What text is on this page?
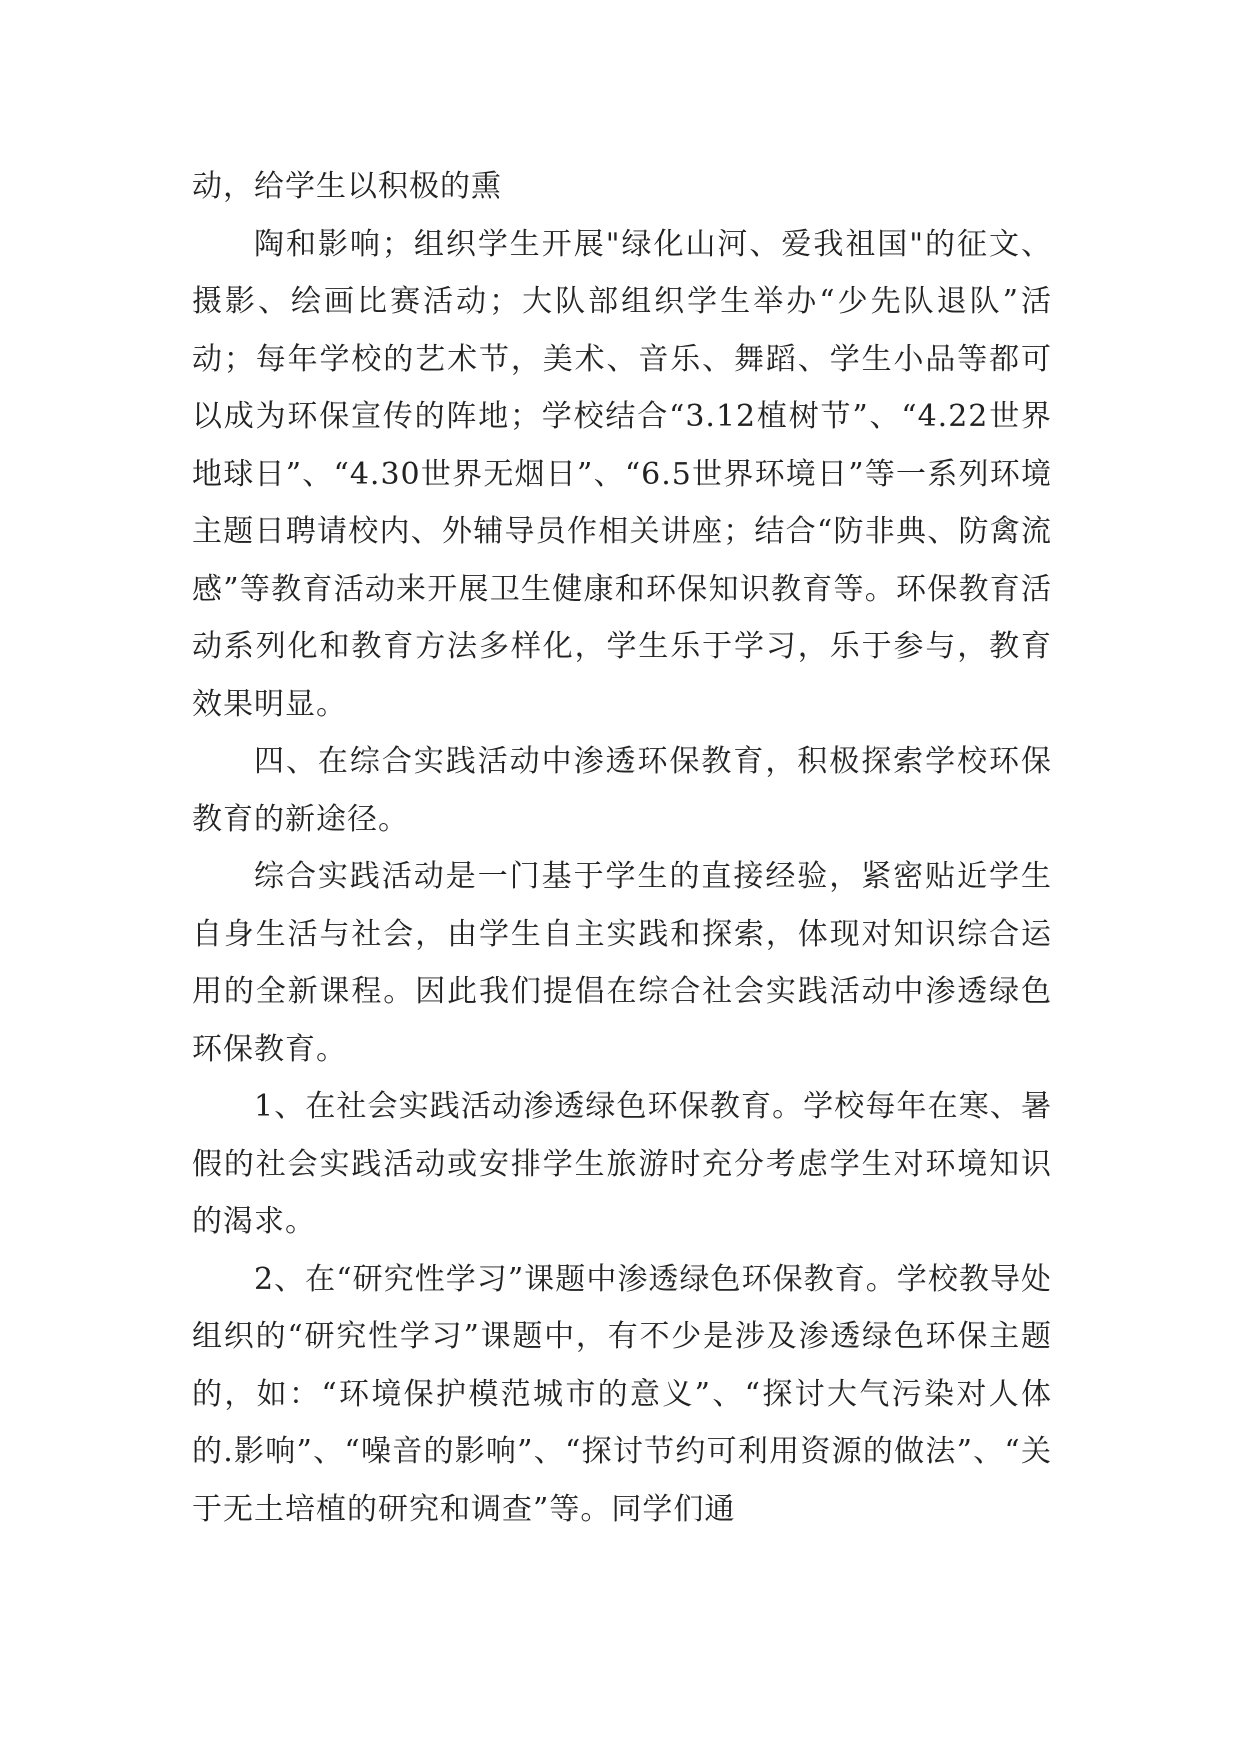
动，给学生以积极的熏

陶和影响；组织学生开展"绿化山河、爱我祖国"的征文、摄影、绘画比赛活动；大队部组织学生举办“少先队退队”活动；每年学校的艺术节，美术、音乐、舞蹈、学生小品等都可以成为环保宣传的阵地；学校结合“3.12植树节”、“4.22世界地球日”、“4.30世界无烟日”、“6.5世界环境日”等一系列环境主题日聘请校内、外辅导员作相关讲座；结合“防非典、防禽流感”等教育活动来开展卫生健康和环保知识教育等。环保教育活动系列化和教育方法多样化，学生乐于学习，乐于参与，教育效果明显。

四、在综合实践活动中渗透环保教育，积极探索学校环保教育的新途径。

综合实践活动是一门基于学生的直接经验，紧密贴近学生自身生活与社会，由学生自主实践和探索，体现对知识综合运用的全新课程。因此我们提倡在综合社会实践活动中渗透绿色环保教育。

1、在社会实践活动渗透绿色环保教育。学校每年在寒、暑假的社会实践活动或安排学生旅游时充分考虑学生对环境知识的渴求。

2、在“研究性学习”课题中渗透绿色环保教育。学校教导处组织的“研究性学习”课题中，有不少是涉及渗透绿色环保主题的，如：“环境保护模范城市的意义”、“探讨大气污染对人体的.影响”、“噪音的影响”、“探讨节约可利用资源的做法”、“关于无土培植的研究和调查”等。同学们通
